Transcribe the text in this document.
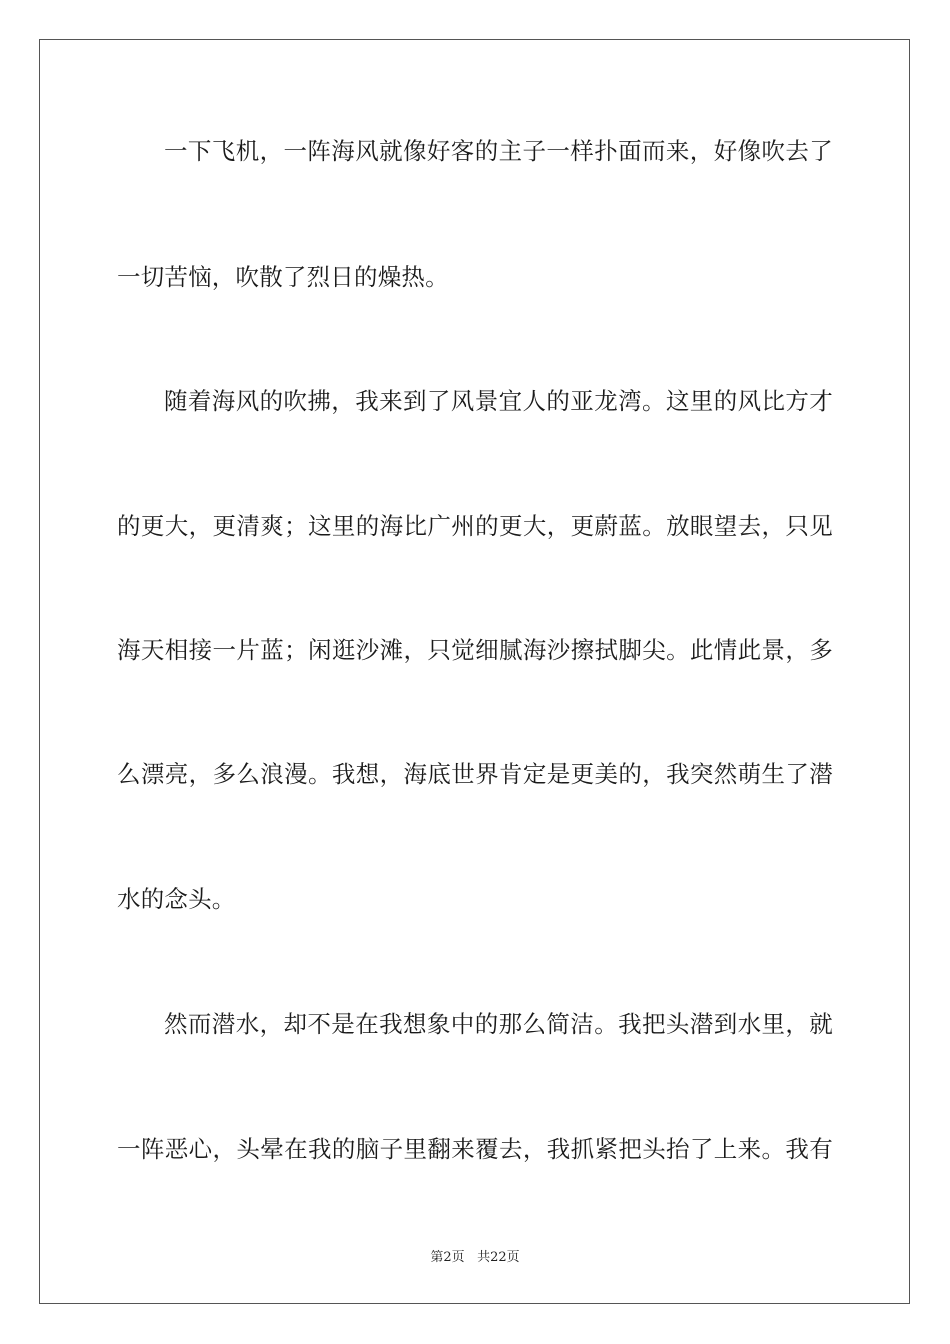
一下飞机，一阵海风就像好客的主子一样扑面而来，好像吹去了
一切苦恼，吹散了烈日的燥热。
随着海风的吹拂，我来到了风景宜人的亚龙湾。这里的风比方才
的更大，更清爽；这里的海比广州的更大，更蔚蓝。放眼望去，只见
海天相接一片蓝；闲逛沙滩，只觉细腻海沙擦拭脚尖。此情此景，多
么漂亮，多么浪漫。我想，海底世界肯定是更美的，我突然萌生了潜
水的念头。
然而潜水，却不是在我想象中的那么简洁。我把头潜到水里，就
一阵恶心，头晕在我的脑子里翻来覆去，我抓紧把头抬了上来。我有
第2页 共22页
